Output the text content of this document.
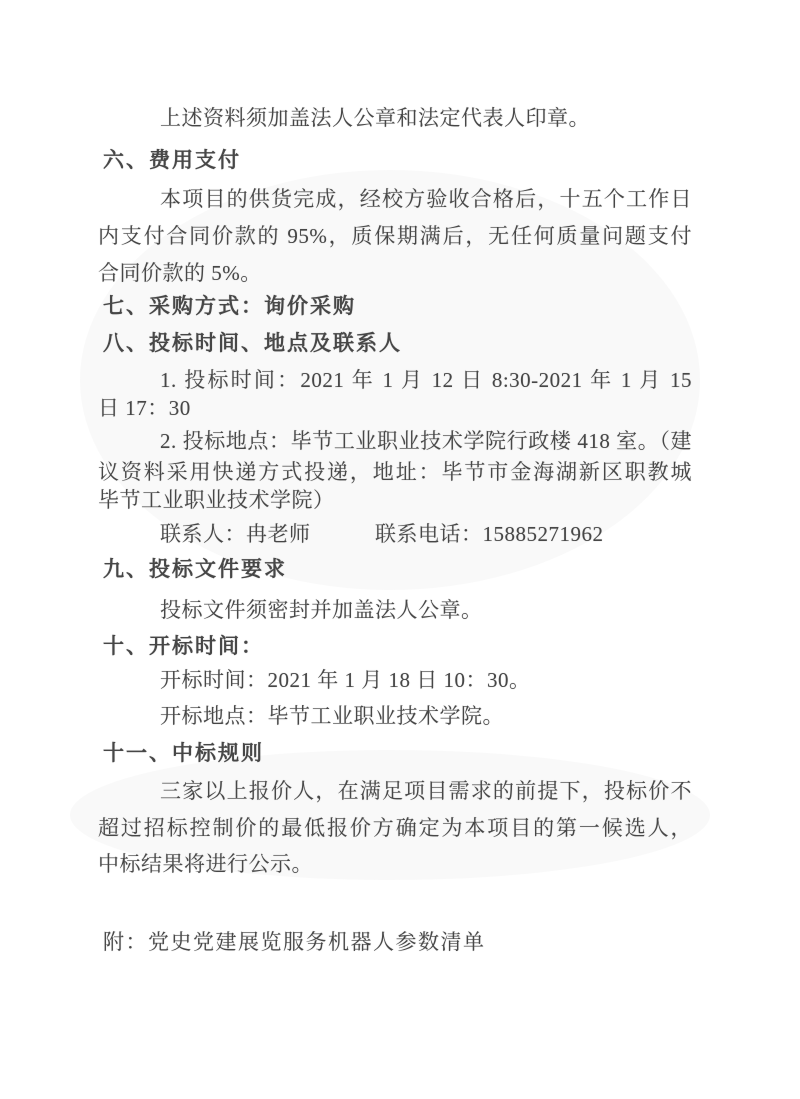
上述资料须加盖法人公章和法定代表人印章。
六、费用支付
本项目的供货完成，经校方验收合格后，十五个工作日
内支付合同价款的 95%，质保期满后，无任何质量问题支付
合同价款的 5%。
七、采购方式：询价采购
八、投标时间、地点及联系人
1. 投标时间：2021 年 1 月 12 日 8:30-2021 年 1 月 15
日 17：30
2. 投标地点：毕节工业职业技术学院行政楼 418 室。（建
议资料采用快递方式投递，地址：毕节市金海湖新区职教城
毕节工业职业技术学院）
联系人：冉老师　　　联系电话：15885271962
九、投标文件要求
投标文件须密封并加盖法人公章。
十、开标时间：
开标时间：2021 年 1 月 18 日 10：30。
开标地点：毕节工业职业技术学院。
十一、中标规则
三家以上报价人，在满足项目需求的前提下，投标价不
超过招标控制价的最低报价方确定为本项目的第一候选人，
中标结果将进行公示。
附：党史党建展览服务机器人参数清单
